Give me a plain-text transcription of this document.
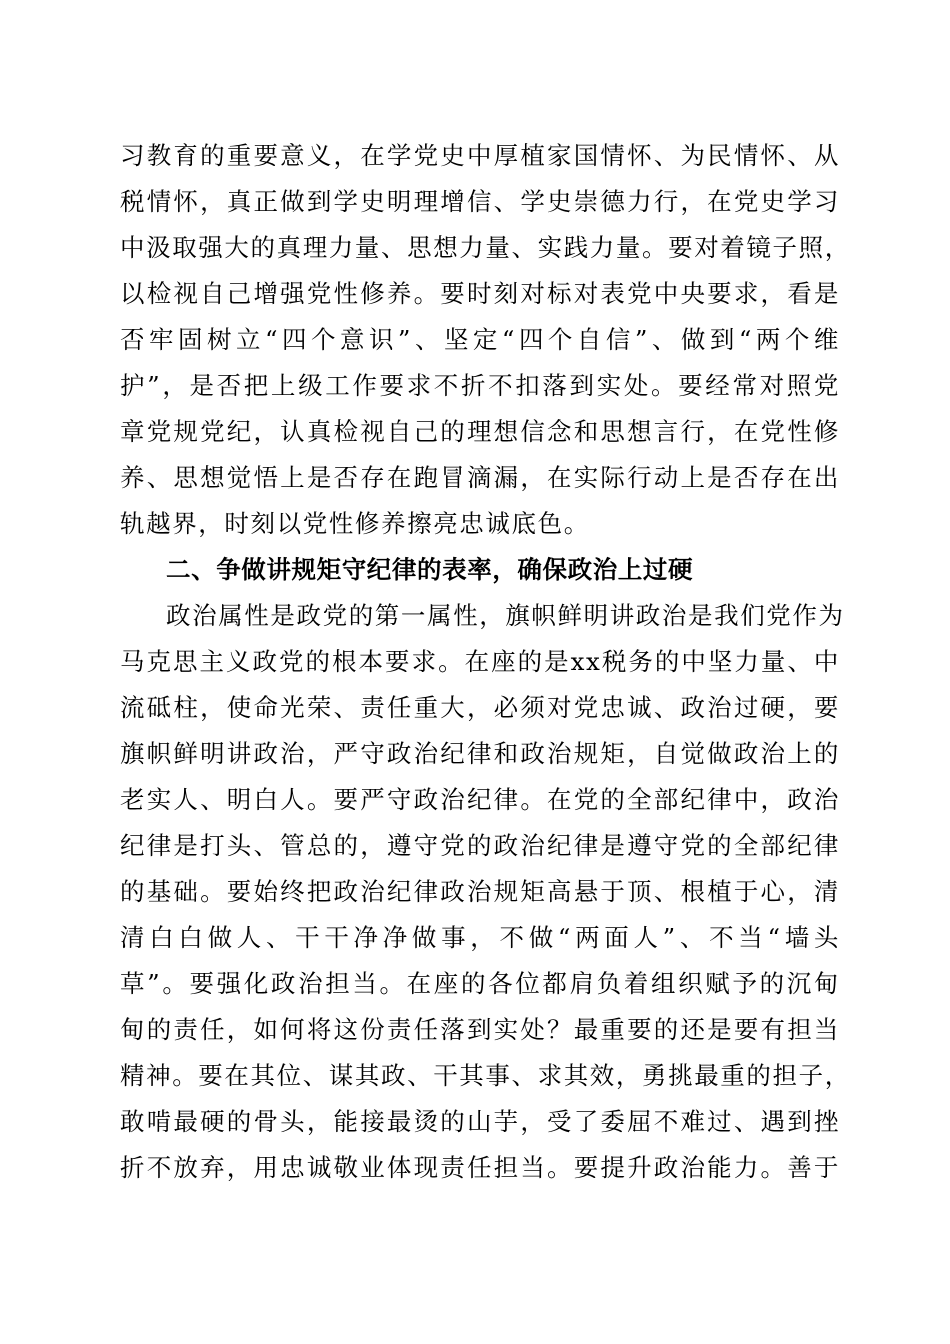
习教育的重要意义，在学党史中厚植家国情怀、为民情怀、从
税情怀，真正做到学史明理增信、学史崇德力行，在党史学习
中汲取强大的真理力量、思想力量、实践力量。要对着镜子照，
以检视自己增强党性修养。要时刻对标对表党中央要求，看是
否牢固树立“四个意识”、坚定“四个自信”、做到“两个维
护”，是否把上级工作要求不折不扣落到实处。要经常对照党
章党规党纪，认真检视自己的理想信念和思想言行，在党性修
养、思想觉悟上是否存在跑冒滴漏，在实际行动上是否存在出
轨越界，时刻以党性修养擦亮忠诚底色。
二、争做讲规矩守纪律的表率，确保政治上过硬
政治属性是政党的第一属性，旗帜鲜明讲政治是我们党作为
马克思主义政党的根本要求。在座的是xx税务的中坚力量、中
流砥柱，使命光荣、责任重大，必须对党忠诚、政治过硬，要
旗帜鲜明讲政治，严守政治纪律和政治规矩，自觉做政治上的
老实人、明白人。要严守政治纪律。在党的全部纪律中，政治
纪律是打头、管总的，遵守党的政治纪律是遵守党的全部纪律
的基础。要始终把政治纪律政治规矩高悬于顶、根植于心，清
清白白做人、干干净净做事，不做“两面人”、不当“墙头
草”。要强化政治担当。在座的各位都肩负着组织赋予的沉甸
甸的责任，如何将这份责任落到实处？最重要的还是要有担当
精神。要在其位、谋其政、干其事、求其效，勇挑最重的担子，
敢啃最硬的骨头，能接最烫的山芋，受了委屈不难过、遇到挫
折不放弃，用忠诚敬业体现责任担当。要提升政治能力。善于
